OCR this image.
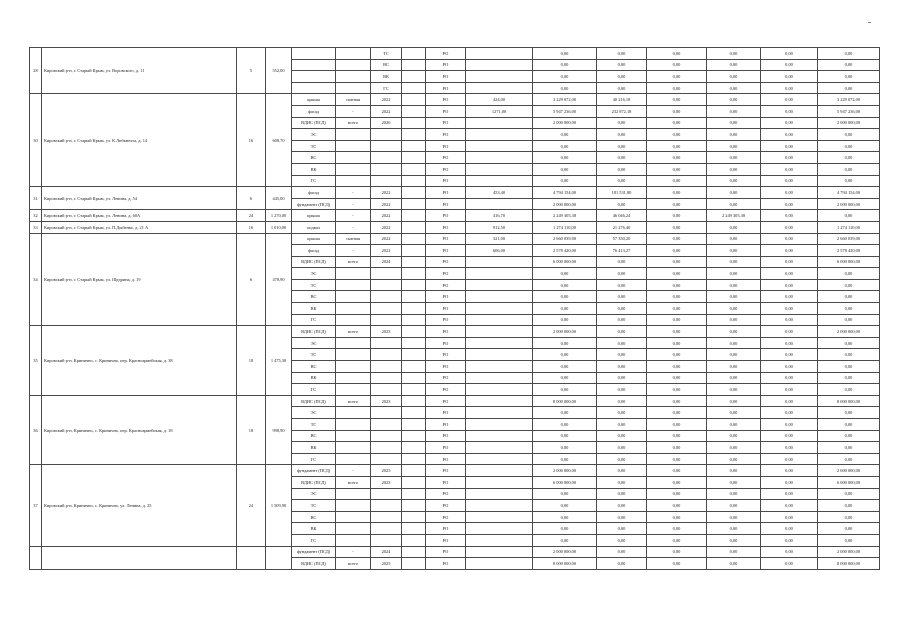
28	Кировский р-н, г. Старый Крым, ул. Воровского, д. 11	5	552,00			ТС		РО		0,00	0,00	0,00	0,00	0,00	0,00
						ВС		РО		0,00	0,00	0,00	0,00	0,00	0,00
						ВК		РО		0,00	0,00	0,00	0,00	0,00	0,00
						ГС		РО		0,00	0,00	0,00	0,00	0,00	0,00
30	Кировский р-н, г. Старый Крым, ул. К.Либкнехта, д. 14	16	608,70	крыша	скатная	2022		РО	424,00	3 229 072,00	40 216,18	0,00	0,00	0,00	3 229 072,00
				фасад	-	2022		РО	1271,00	5 947 236,00	232 872,18	0,00	0,00	0,00	5 947 236,00
				ВДИС (ПСД)	всего	2026		РО		2 000 000,00	0,00	0,00	0,00	0,00	2 000 000,00
				ЭС				РО		0,00	0,00	0,00	0,00	0,00	0,00
				ТС				РО		0,00	0,00	0,00	0,00	0,00	0,00
				ВС				РО		0,00	0,00	0,00	0,00	0,00	0,00
				ВК				РО		0,00	0,00	0,00	0,00	0,00	0,00
				ГС				РО		0,00	0,00	0,00	0,00	0,00	0,00
31	Кировский р-н, г. Старый Крым, ул. Ленина, д. 54	6	445,00	фасад	-	2022		РО	453,40	4 794 154,00	181 531,80	0,00	0,00	0,00	4 794 154,00
				фундамент (ПСД)	-	2022		РО		2 000 000,00	0,00	0,00	0,00	0,00	2 000 000,00
32	Кировский р-н, г. Старый Крым, ул. Ленина, д. 60А	24	1 270,00	крыша	-	2022		РО	416,70	2 249 305,38	46 046,24	0,00	2 249 305,38	0,00	0,00
33	Кировский р-н, г. Старый Крым, ул. П.Дыбенко, д. 21 А	16	1 010,00	подвал	-	2022		РО	912,50	1 274 110,00	21 276,40	0,00	0,00	0,00	1 274 110,00
34	Кировский р-н, г. Старый Крым, ул. Щедрина, д. 19	6	478,90	крыша	скатная	2022		РО	321,00	2 660 039,00	57 350,20	0,00	0,00	0,00	2 660 039,00
				фасад	-	2022		РО	606,00	2 578 420,00	76 413,27	0,00	0,00	0,00	2 578 420,00
				ВДИС (ПСД)	всего	2024		РО		6 000 000,00	0,00	0,00	0,00	0,00	6 000 000,00
				ЭС				РО		0,00	0,00	0,00	0,00	0,00	0,00
				ТС				РО		0,00	0,00	0,00	0,00	0,00	0,00
				ВС				РО		0,00	0,00	0,00	0,00	0,00	0,00
				ВК				РО		0,00	0,00	0,00	0,00	0,00	0,00
				ГС				РО		0,00	0,00	0,00	0,00	0,00	0,00
35	Кировский р-н, Кринично, с. Кринично, пер. Красноармейская, д. 38	18	1 475,30	ВДИС (ПСД)	всего	2023		РО		2 000 000,00	0,00	0,00	0,00	0,00	2 000 000,00
				ЭС				РО		0,00	0,00	0,00	0,00	0,00	0,00
				ТС				РО		0,00	0,00	0,00	0,00	0,00	0,00
				ВС				РО		0,00	0,00	0,00	0,00	0,00	0,00
				ВК				РО		0,00	0,00	0,00	0,00	0,00	0,00
				ГС				РО		0,00	0,00	0,00	0,00	0,00	0,00
36	Кировский р-н, Кринично, с. Кринично, пер. Красноармейская, д. 18	18	998,90	ВДИС (ПСД)	всего	2023		РО		8 000 000,00	0,00	0,00	0,00	0,00	8 000 000,00
				ЭС				РО		0,00	0,00	0,00	0,00	0,00	0,00
				ТС				РО		0,00	0,00	0,00	0,00	0,00	0,00
				ВС				РО		0,00	0,00	0,00	0,00	0,00	0,00
				ВК				РО		0,00	0,00	0,00	0,00	0,00	0,00
				ГС				РО		0,00	0,00	0,00	0,00	0,00	0,00
37	Кировский р-н, Кринично, с. Кринично, ул. Ленина, д. 25	24	1 509,90	фундамент (ПСД)	-	2025		РО		2 000 000,00	0,00	0,00	0,00	0,00	2 000 000,00
				ВДИС (ПСД)	всего	2023		РО		6 000 000,00	0,00	0,00	0,00	0,00	6 000 000,00
				ЭС				РО		0,00	0,00	0,00	0,00	0,00	0,00
				ТС				РО		0,00	0,00	0,00	0,00	0,00	0,00
				ВС				РО		0,00	0,00	0,00	0,00	0,00	0,00
				ВК				РО		0,00	0,00	0,00	0,00	0,00	0,00
				ГС				РО		0,00	0,00	0,00	0,00	0,00	0,00
				фундамент (ПСД)	-	2024		РО		2 000 000,00	0,00	0,00	0,00	0,00	2 000 000,00
				ВДИС (ПСД)	всего	2025		РО		8 000 000,00	0,00	0,00	0,00	0,00	8 000 000,00
